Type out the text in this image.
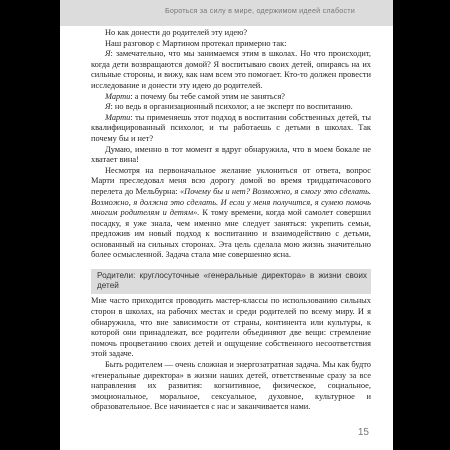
Бороться за силу в мире, одержимом идеей слабости

Но как донести до родителей эту идею?

Наш разговор с Мартином протекал примерно так:

Я: замечательно, что мы занимаемся этим в школах. Но что происходит, когда дети возвращаются домой? Я воспитываю своих детей, опираясь на их сильные стороны, и вижу, как нам всем это помогает. Кто-то должен провести исследование и донести эту идею до родителей.

Марти: а почему бы тебе самой этим не заняться?

Я: но ведь я организационный психолог, а не эксперт по воспитанию.

Марти: ты применяешь этот подход в воспитании собственных детей, ты квалифицированный психолог, и ты работаешь с детьми в школах. Так почему бы и нет?

Думаю, именно в тот момент я вдруг обнаружила, что в моем бокале не хватает вина!

Несмотря на первоначальное желание уклониться от ответа, вопрос Марти преследовал меня всю дорогу домой во время тридцатичасового перелета до Мельбурна: «Почему бы и нет? Возможно, я смогу это сделать. Возможно, я должна это сделать. И если у меня получится, я сумею помочь многим родителям и детям». К тому времени, когда мой самолет совершил посадку, я уже знала, чем именно мне следует заняться: укрепить семьи, предложив им новый подход к воспитанию и взаимодействию с детьми, основанный на сильных сторонах. Эта цель сделала мою жизнь значительно более осмысленной. Задача стала мне совершенно ясна.

Родители: круглосуточные «генеральные директора» в жизни своих детей

Мне часто приходится проводить мастер-классы по использованию сильных сторон в школах, на рабочих местах и среди родителей по всему миру. И я обнаружила, что вне зависимости от страны, континента или культуры, к которой они принадлежат, все родители объединяют две вещи: стремление помочь процветанию своих детей и ощущение собственного несоответствия этой задаче.

Быть родителем — очень сложная и энергозатратная задача. Мы как будто «генеральные директора» в жизни наших детей, ответственные сразу за все направления их развития: когнитивное, физическое, социальное, эмоциональное, моральное, сексуальное, духовное, культурное и образовательное. Все начинается с нас и заканчивается нами.

15
